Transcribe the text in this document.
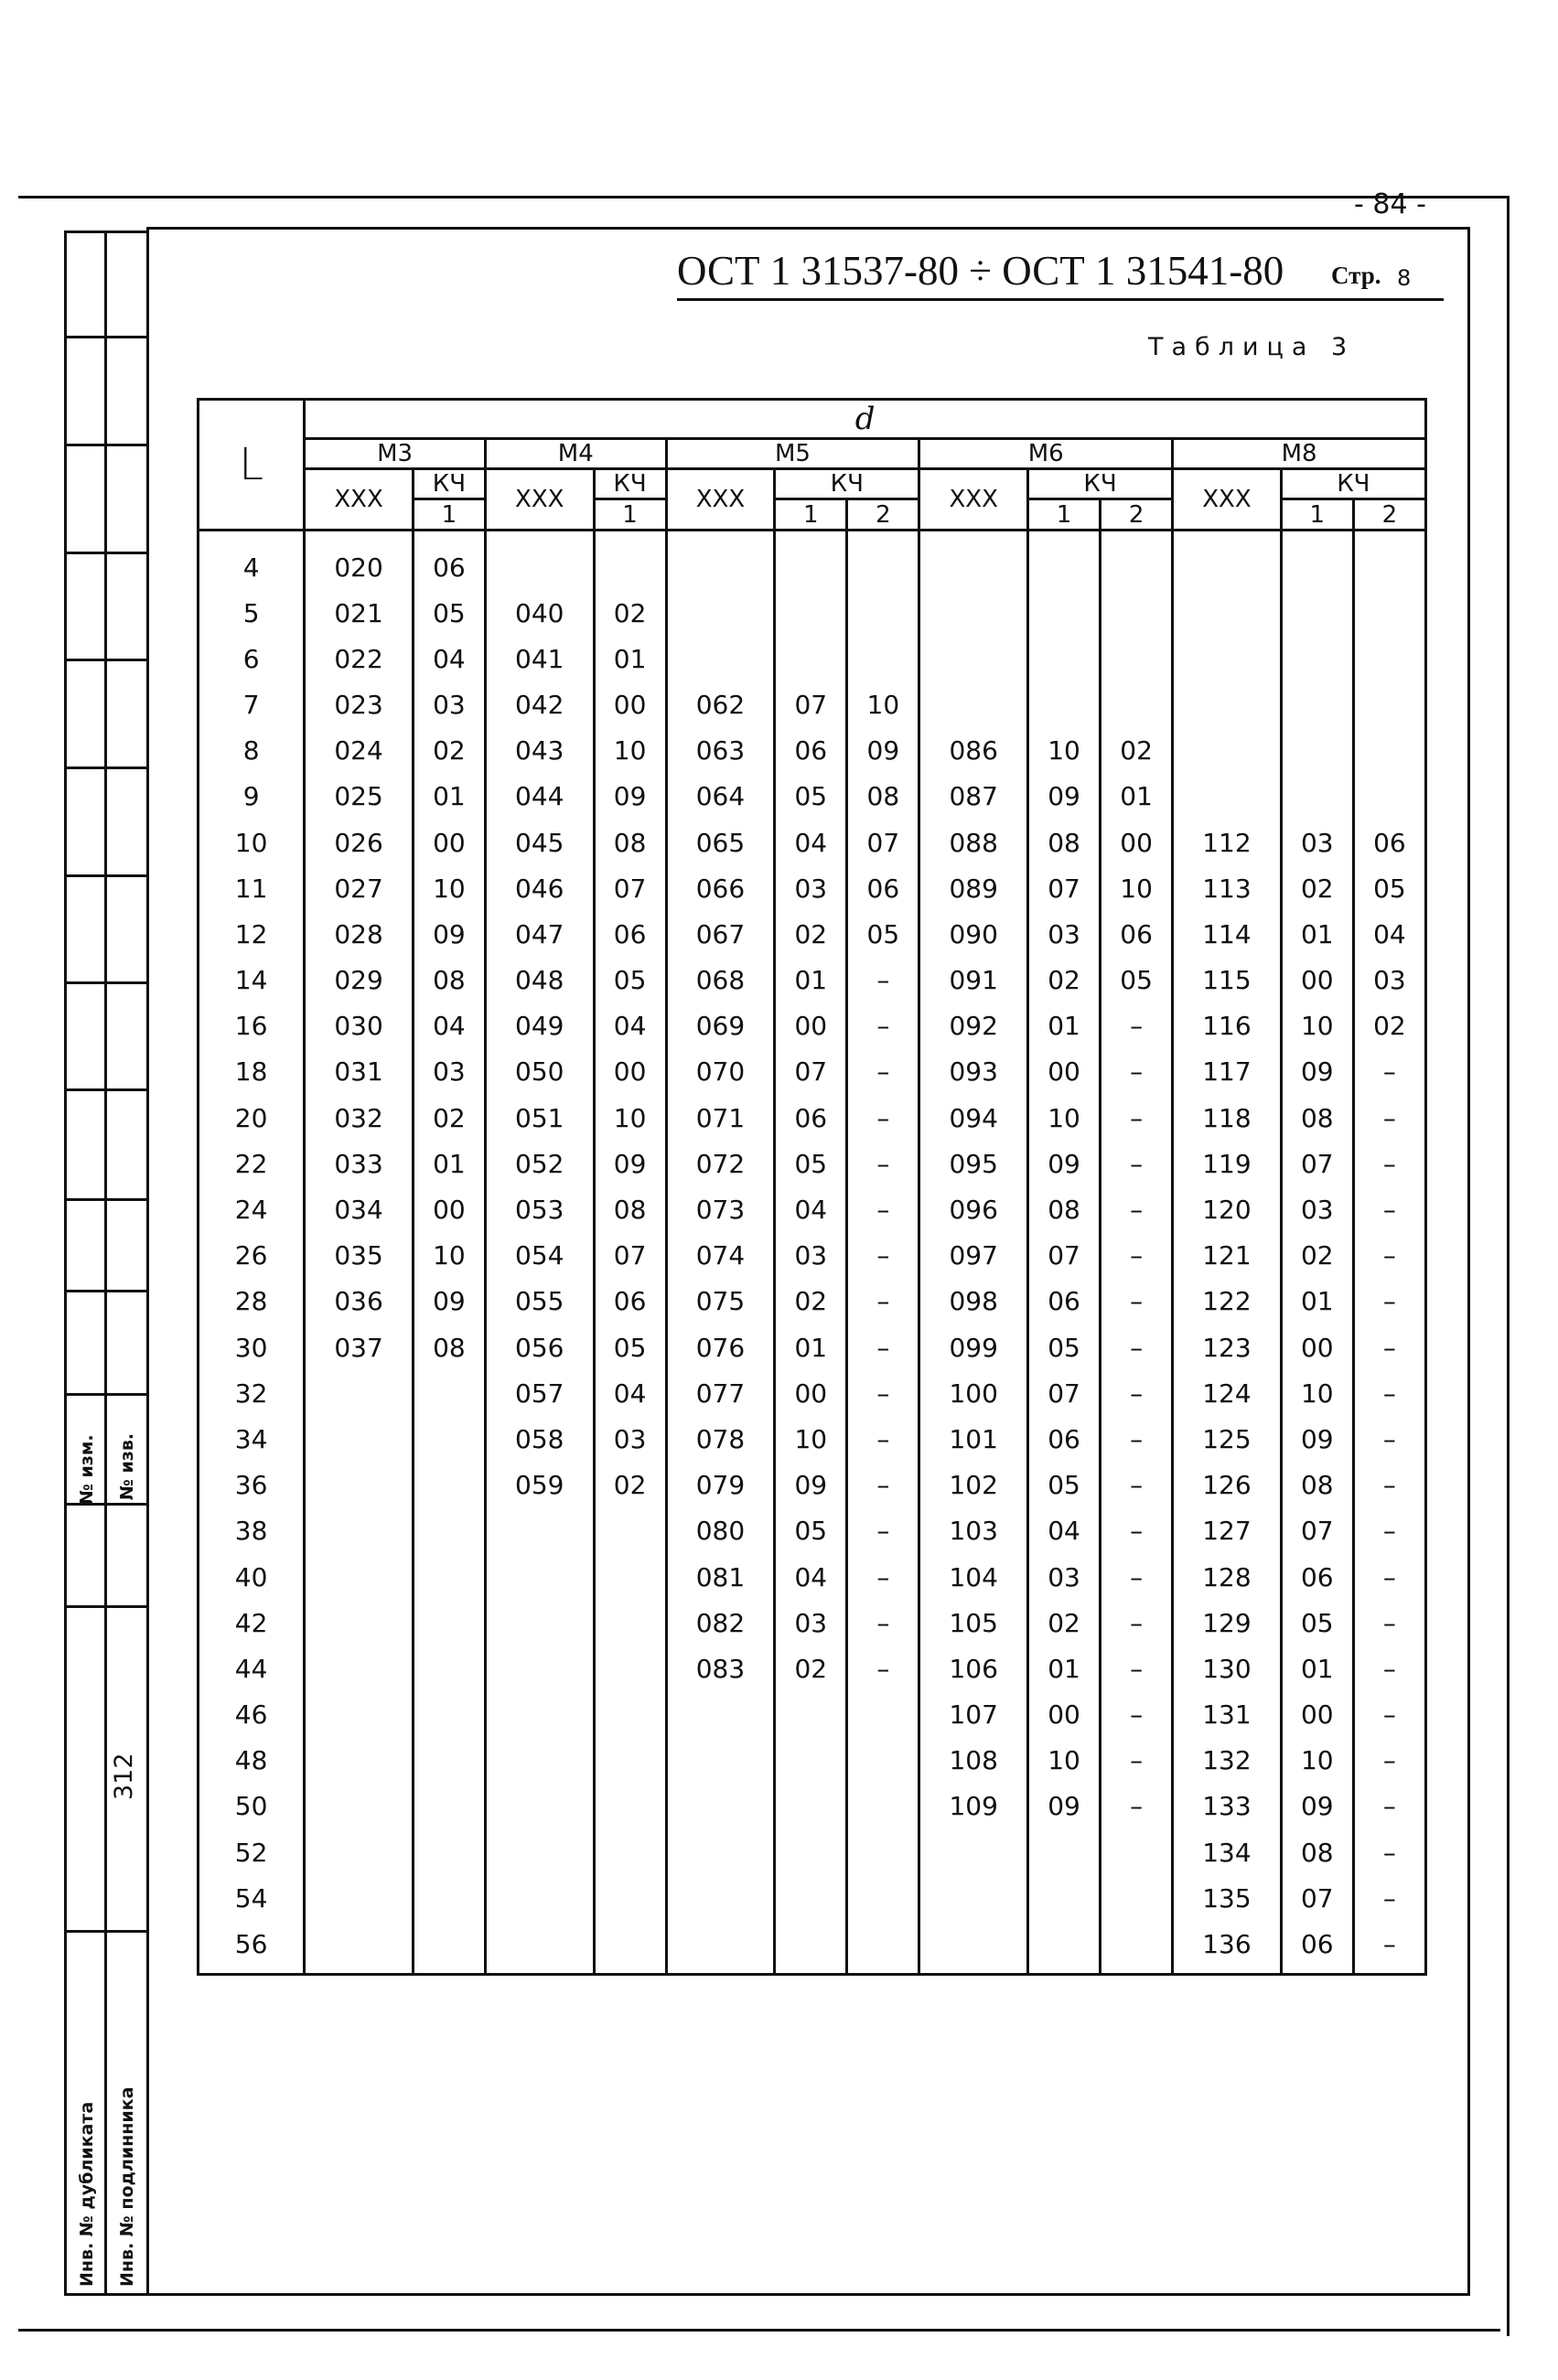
- 84 -
№ изм. № изв.
312
Инв. № дубликата Инв. № подлинника
ОСТ 1 31537-80 ÷ ОСТ 1 31541-80 Стр. 8
Таблица 3
L	d												
	М3		М4		М5			М6			М8		
	ХХХ	КЧ	ХХХ	КЧ	ХХХ	КЧ		ХХХ	КЧ		ХХХ	КЧ	
		1		1		1	2		1	2		1	2
4	020	06											
5	021	05	040	02									
6	022	04	041	01									
7	023	03	042	00	062	07	10						
8	024	02	043	10	063	06	09	086	10	02			
9	025	01	044	09	064	05	08	087	09	01			
10	026	00	045	08	065	04	07	088	08	00	112	03	06
11	027	10	046	07	066	03	06	089	07	10	113	02	05
12	028	09	047	06	067	02	05	090	03	06	114	01	04
14	029	08	048	05	068	01	–	091	02	05	115	00	03
16	030	04	049	04	069	00	–	092	01	–	116	10	02
18	031	03	050	00	070	07	–	093	00	–	117	09	–
20	032	02	051	10	071	06	–	094	10	–	118	08	–
22	033	01	052	09	072	05	–	095	09	–	119	07	–
24	034	00	053	08	073	04	–	096	08	–	120	03	–
26	035	10	054	07	074	03	–	097	07	–	121	02	–
28	036	09	055	06	075	02	–	098	06	–	122	01	–
30	037	08	056	05	076	01	–	099	05	–	123	00	–
32			057	04	077	00	–	100	07	–	124	10	–
34			058	03	078	10	–	101	06	–	125	09	–
36			059	02	079	09	–	102	05	–	126	08	–
38					080	05	–	103	04	–	127	07	–
40					081	04	–	104	03	–	128	06	–
42					082	03	–	105	02	–	129	05	–
44					083	02	–	106	01	–	130	01	–
46								107	00	–	131	00	–
48								108	10	–	132	10	–
50								109	09	–	133	09	–
52											134	08	–
54											135	07	–
56											136	06	–
